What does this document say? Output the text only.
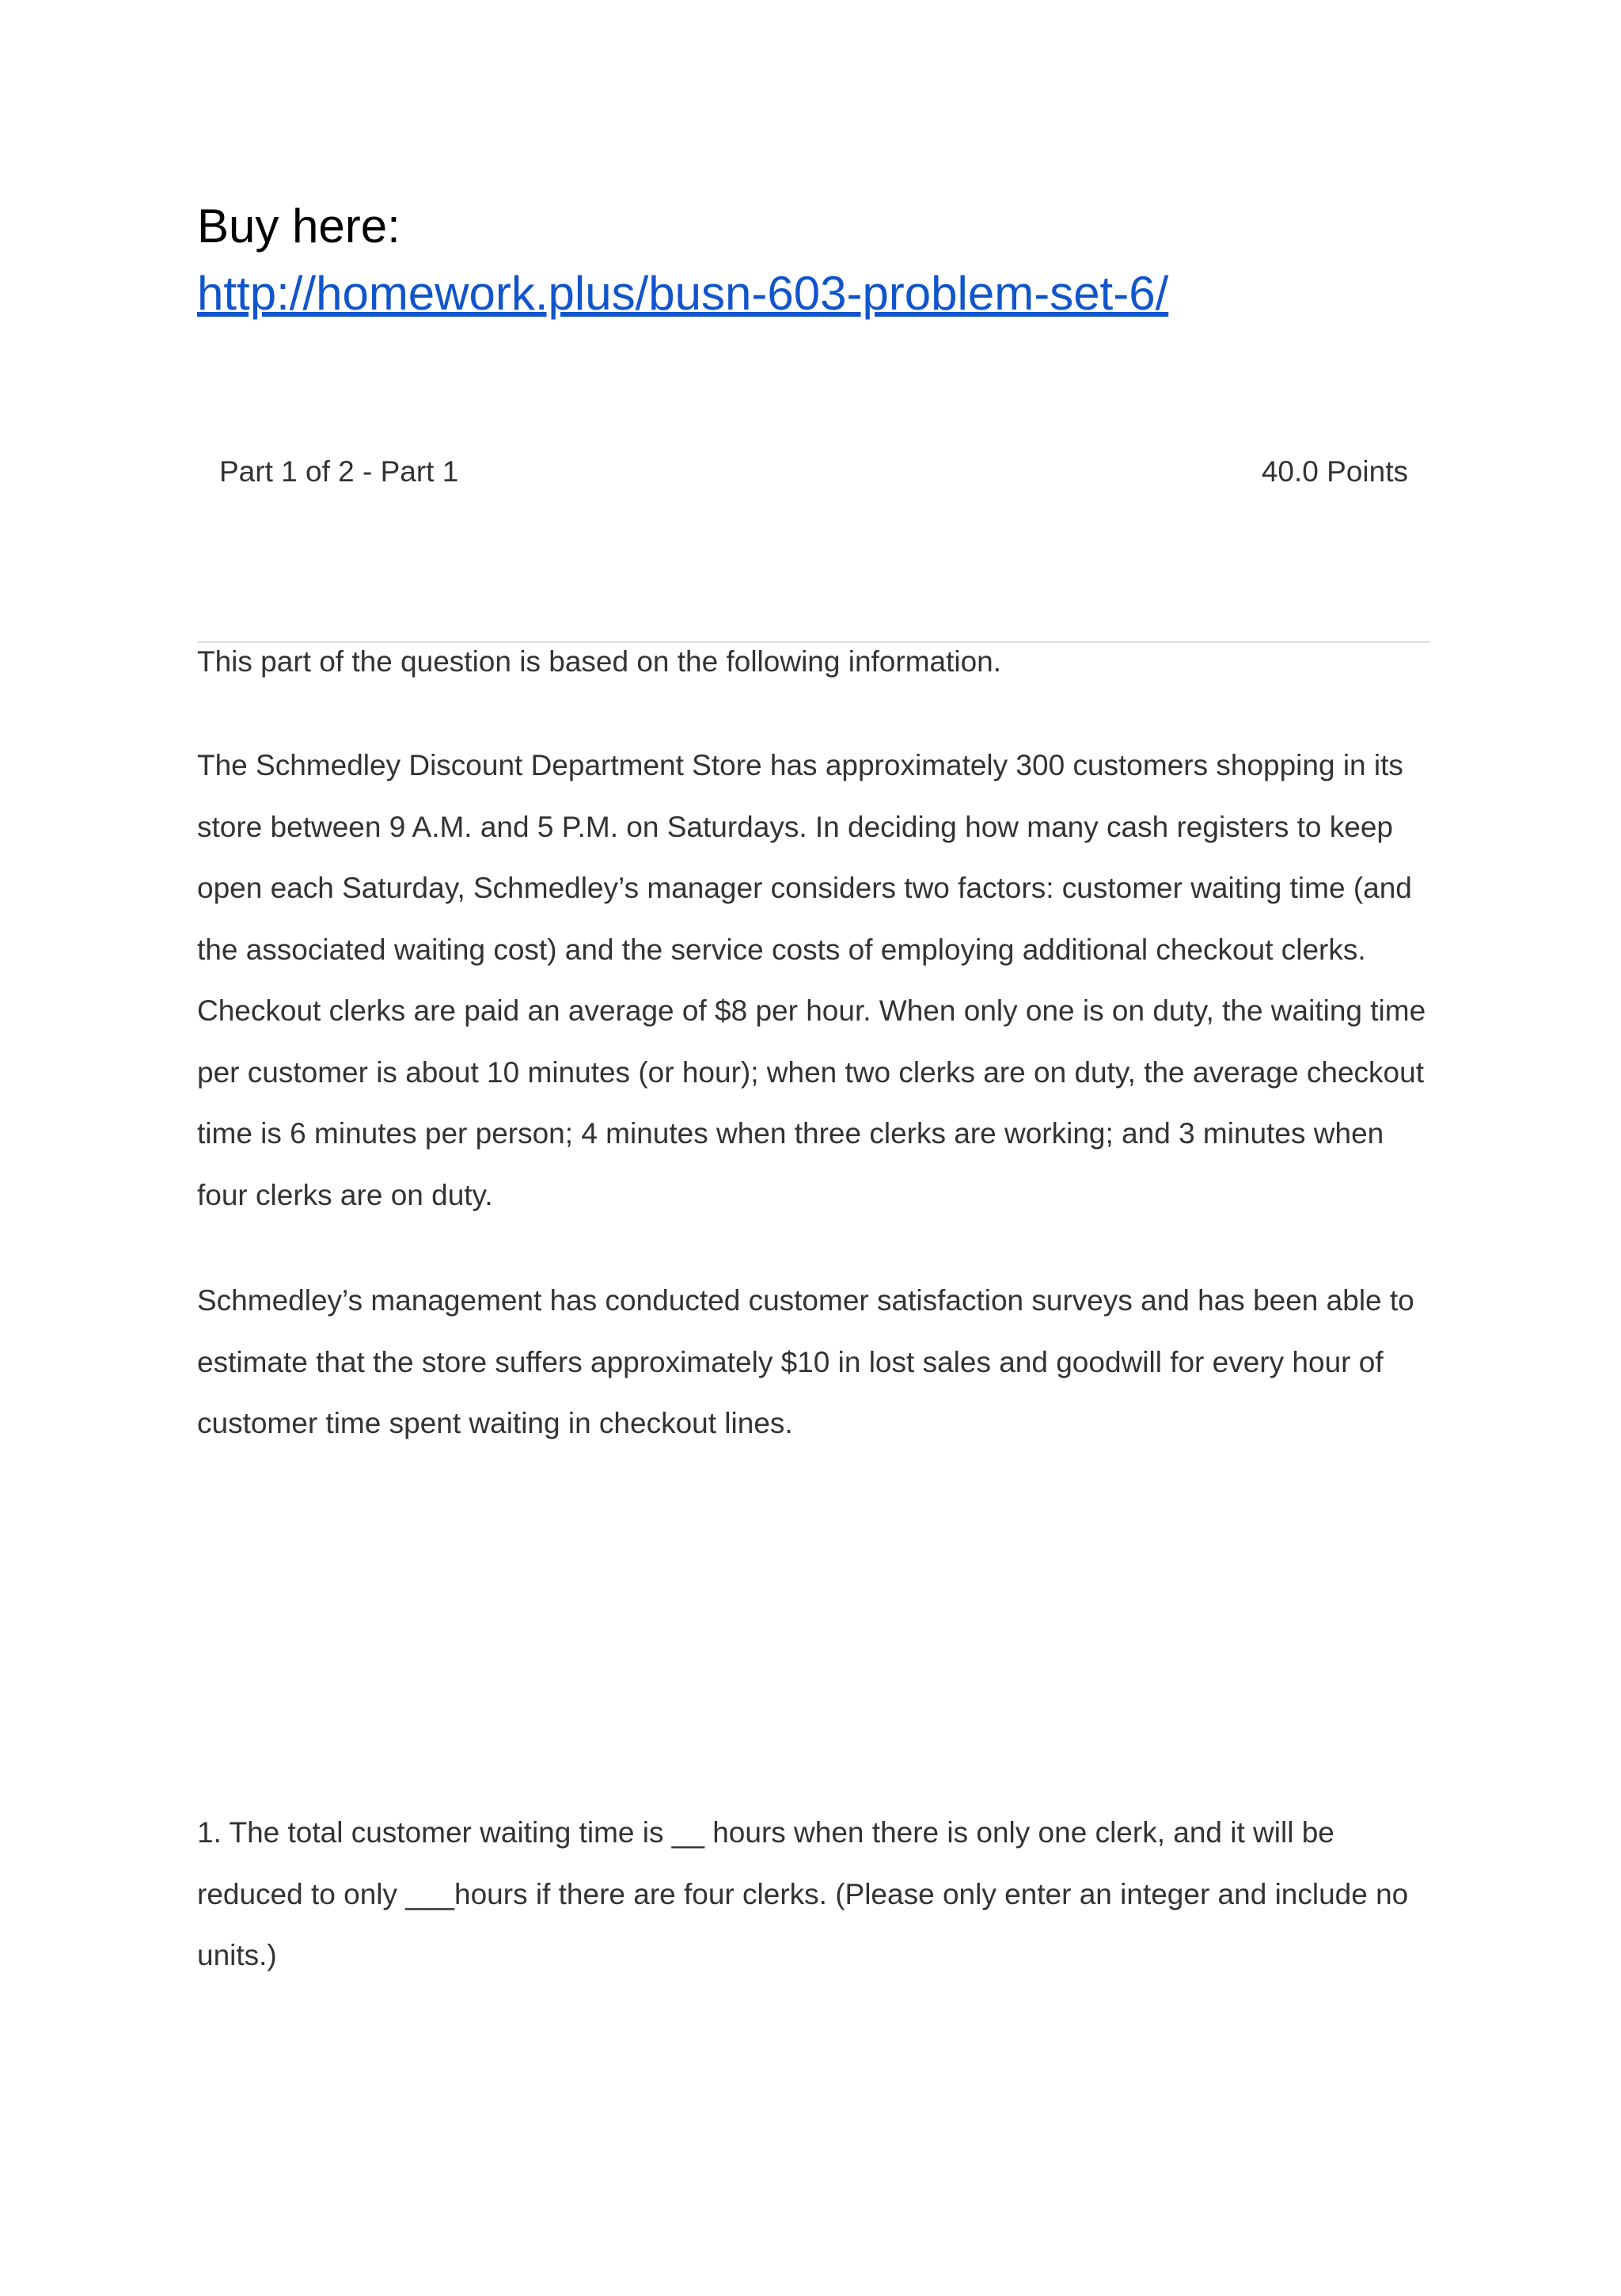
Buy here:
http://homework.plus/busn-603-problem-set-6/
Part 1 of 2 - Part 1	40.0 Points
This part of the question is based on the following information.

The Schmedley Discount Department Store has approximately 300 customers shopping in its store between 9 A.M. and 5 P.M. on Saturdays. In deciding how many cash registers to keep open each Saturday, Schmedley’s manager considers two factors: customer waiting time (and the associated waiting cost) and the service costs of employing additional checkout clerks. Checkout clerks are paid an average of $8 per hour. When only one is on duty, the waiting time per customer is about 10 minutes (or hour); when two clerks are on duty, the average checkout time is 6 minutes per person; 4 minutes when three clerks are working; and 3 minutes when four clerks are on duty.

Schmedley’s management has conducted customer satisfaction surveys and has been able to estimate that the store suffers approximately $10 in lost sales and goodwill for every hour of customer time spent waiting in checkout lines.

1. The total customer waiting time is __ hours when there is only one clerk, and it will be reduced to only ___hours if there are four clerks. (Please only enter an integer and include no units.)
